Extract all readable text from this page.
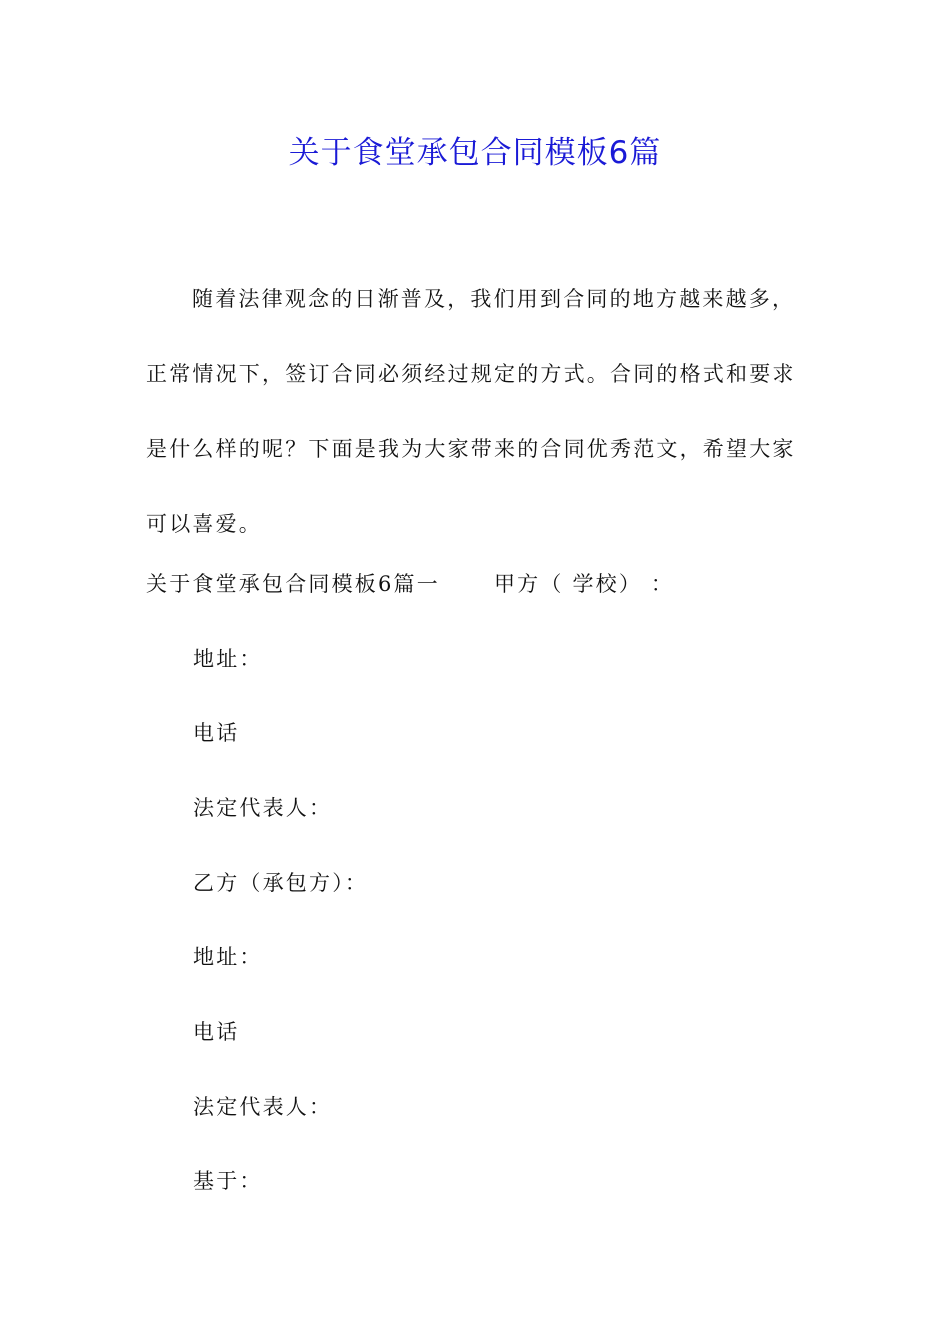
关于食堂承包合同模板6篇

随着法律观念的日渐普及，我们用到合同的地方越来越多，正常情况下，签订合同必须经过规定的方式。合同的格式和要求是什么样的呢？下面是我为大家带来的合同优秀范文，希望大家可以喜爱。

关于食堂承包合同模板6篇一	甲方（ 学校） ：

地址：

电话

法定代表人：

乙方（承包方）：

地址：

电话

法定代表人：

基于：
